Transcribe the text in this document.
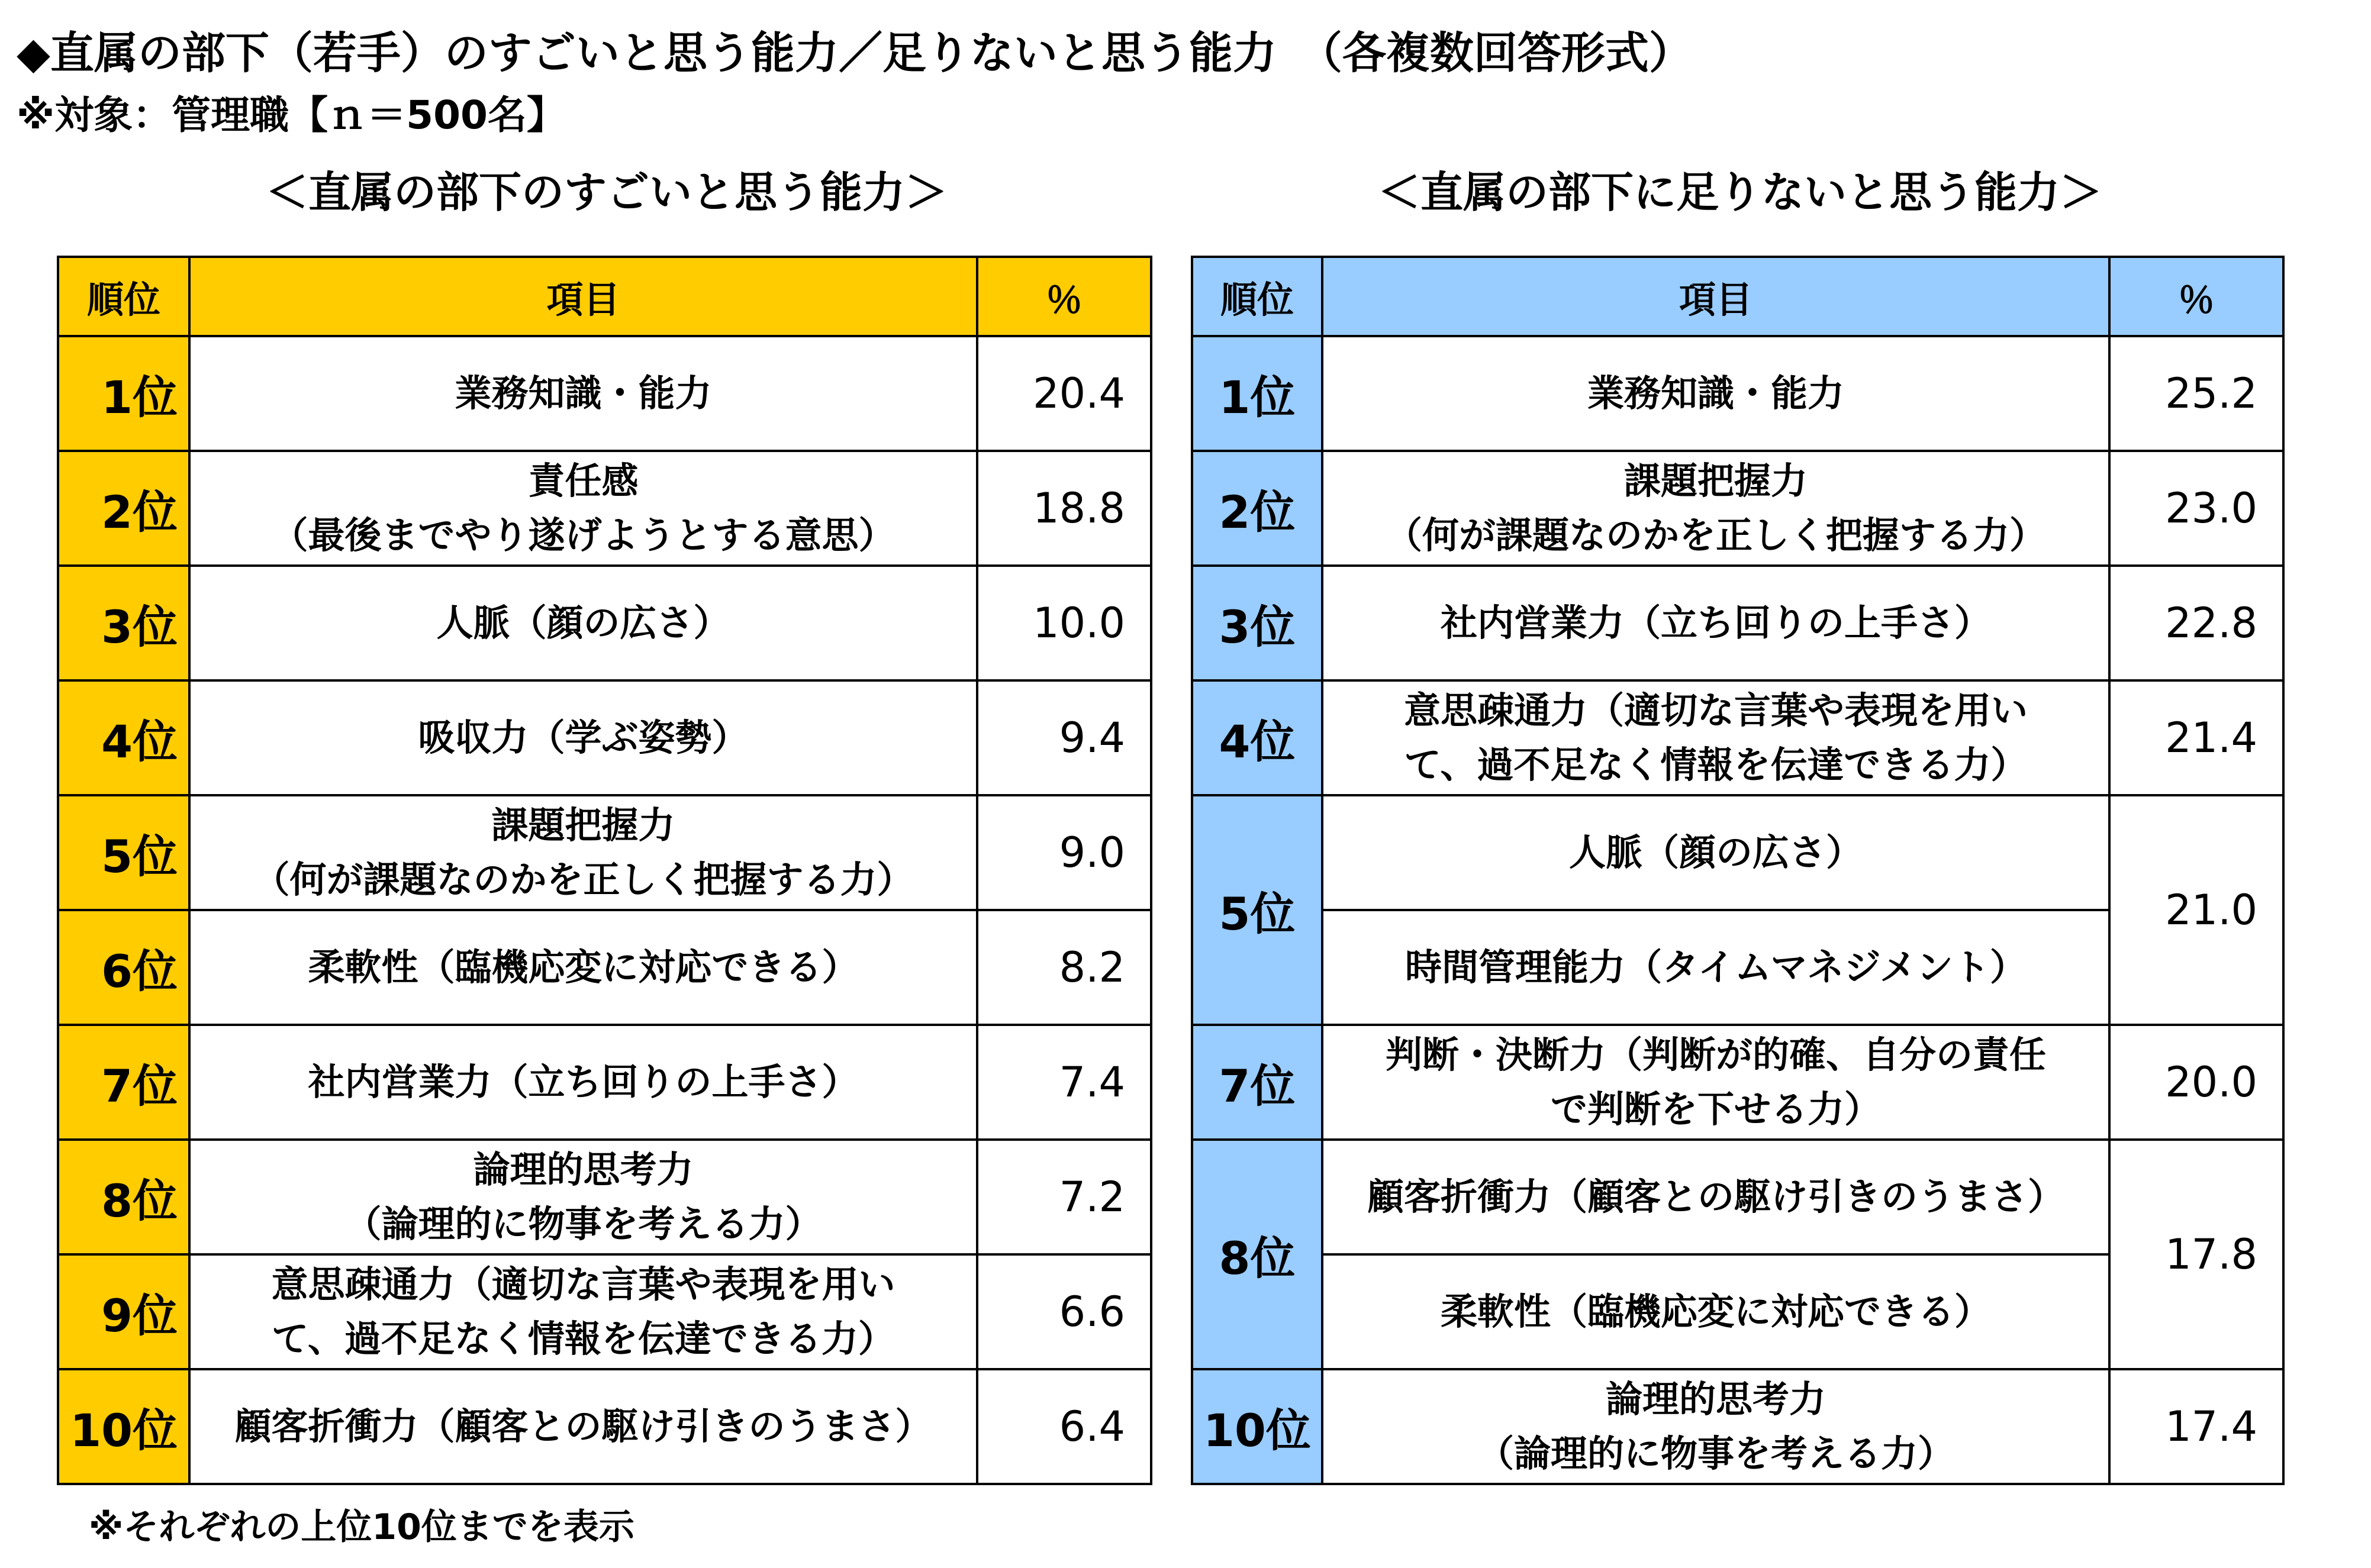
◆直属の部下（若手）のすごいと思う能力／足りないと思う能力　（各複数回答形式）
※対象：管理職【ｎ＝500名】
＜直属の部下のすごいと思う能力＞	＜直属の部下に足りないと思う能力＞
順位	項目	％
1位	業務知識・能力	20.4
2位	責任感
（最後までやり遂げようとする意思）	18.8
3位	人脈（顔の広さ）	10.0
4位	吸収力（学ぶ姿勢）	9.4
5位	課題把握力
（何が課題なのかを正しく把握する力）	9.0
6位	柔軟性（臨機応変に対応できる）	8.2
7位	社内営業力（立ち回りの上手さ）	7.4
8位	論理的思考力
（論理的に物事を考える力）	7.2
9位	意思疎通力（適切な言葉や表現を用い
て、過不足なく情報を伝達できる力）	6.6
10位	顧客折衝力（顧客との駆け引きのうまさ）	6.4
順位	項目	％
1位	業務知識・能力	25.2
2位	課題把握力
（何が課題なのかを正しく把握する力）	23.0
3位	社内営業力（立ち回りの上手さ）	22.8
4位	意思疎通力（適切な言葉や表現を用い
て、過不足なく情報を伝達できる力）	21.4
5位	人脈（顔の広さ）	21.0

	時間管理能力（タイムマネジメント）	

7位	判断・決断力（判断が的確、自分の責任
で判断を下せる力）	20.0
8位	顧客折衝力（顧客との駆け引きのうまさ）	17.8

	柔軟性（臨機応変に対応できる）	

10位	論理的思考力
（論理的に物事を考える力）	17.4
※それぞれの上位10位までを表示
